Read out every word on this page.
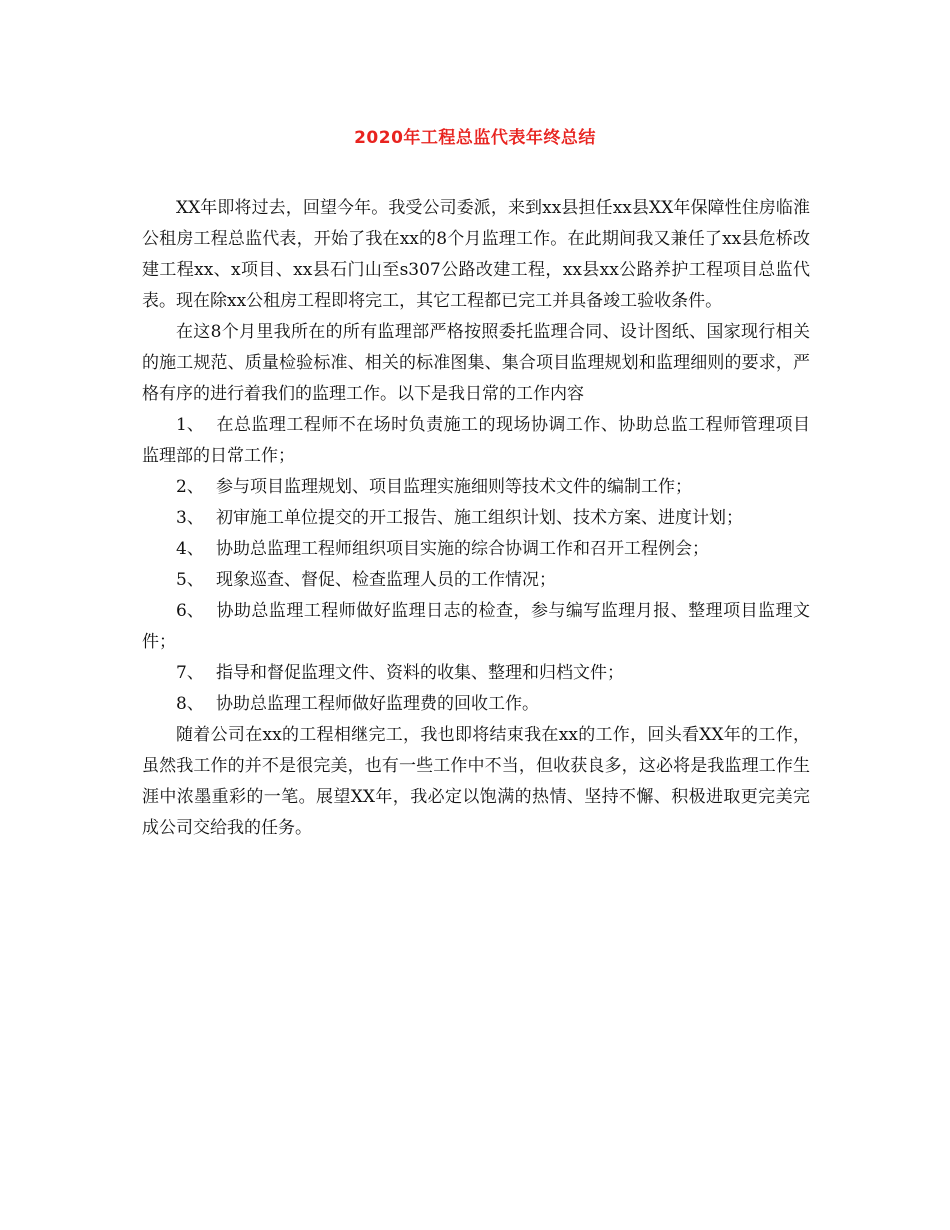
2020年工程总监代表年终总结

XX年即将过去，回望今年。我受公司委派，来到xx县担任xx县XX年保障性住房临淮公租房工程总监代表，开始了我在xx的8个月监理工作。在此期间我又兼任了xx县危桥改建工程xx、x项目、xx县石门山至s307公路改建工程，xx县xx公路养护工程项目总监代表。现在除xx公租房工程即将完工，其它工程都已完工并具备竣工验收条件。

在这8个月里我所在的所有监理部严格按照委托监理合同、设计图纸、国家现行相关的施工规范、质量检验标准、相关的标准图集、集合项目监理规划和监理细则的要求，严格有序的进行着我们的监理工作。以下是我日常的工作内容

1、 在总监理工程师不在场时负责施工的现场协调工作、协助总监工程师管理项目监理部的日常工作；

2、 参与项目监理规划、项目监理实施细则等技术文件的编制工作；

3、 初审施工单位提交的开工报告、施工组织计划、技术方案、进度计划；

4、 协助总监理工程师组织项目实施的综合协调工作和召开工程例会；

5、 现象巡查、督促、检查监理人员的工作情况；

6、 协助总监理工程师做好监理日志的检查，参与编写监理月报、整理项目监理文件；

7、 指导和督促监理文件、资料的收集、整理和归档文件；

8、 协助总监理工程师做好监理费的回收工作。

随着公司在xx的工程相继完工，我也即将结束我在xx的工作，回头看XX年的工作，虽然我工作的并不是很完美，也有一些工作中不当，但收获良多，这必将是我监理工作生涯中浓墨重彩的一笔。展望XX年，我必定以饱满的热情、坚持不懈、积极进取更完美完成公司交给我的任务。
